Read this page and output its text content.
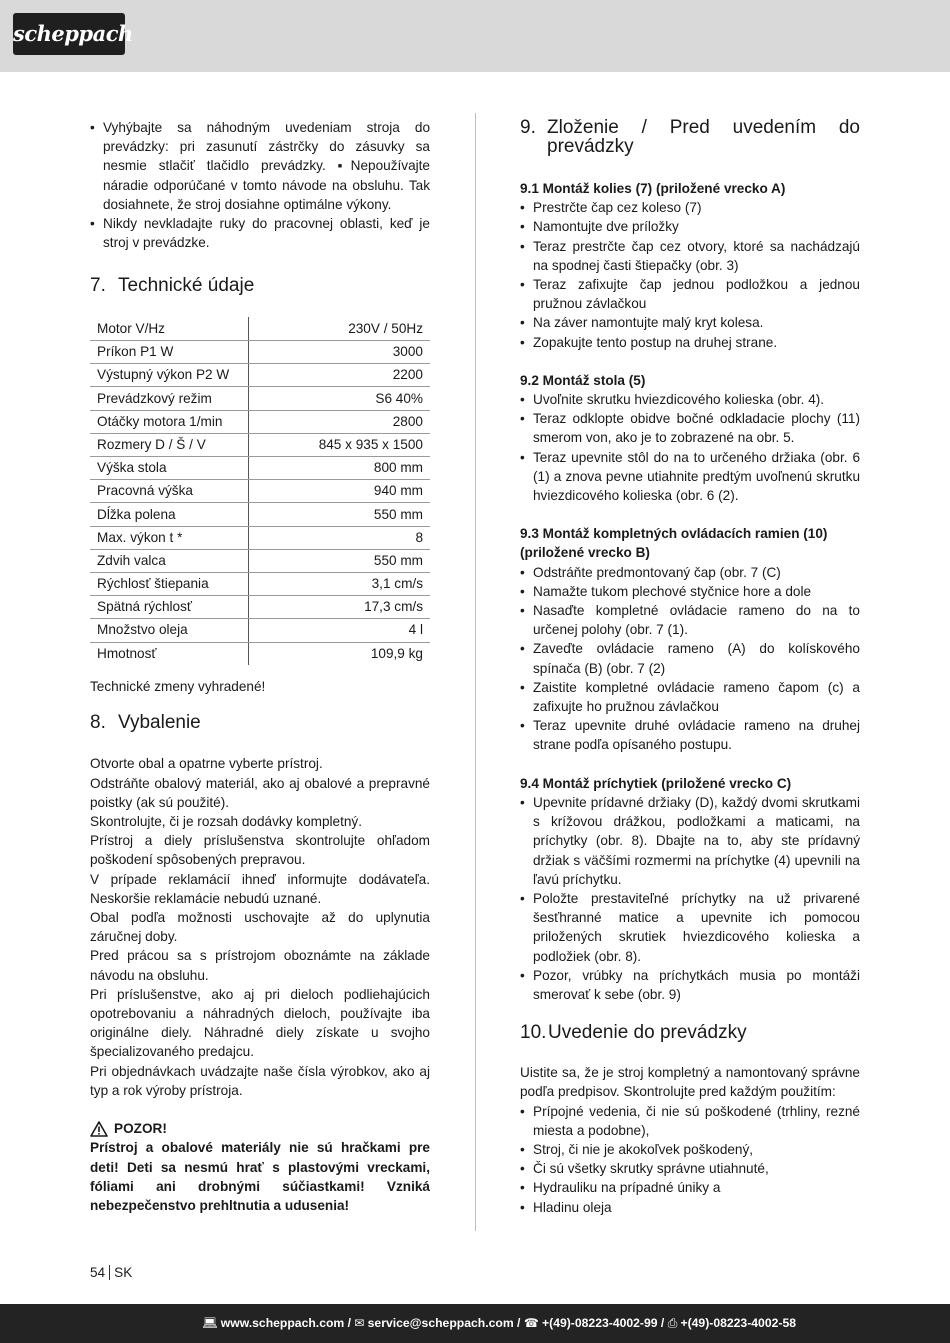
scheppach
• Vyhýbajte sa náhodným uvedeniam stroja do prevádzky: pri zasunutí zástrčky do zásuvky sa nesmie stlačiť tlačidlo prevádzky. ▪Nepoužívajte náradie odporúčané v tomto návode na obsluhu. Tak dosiahnete, že stroj dosiahne optimálne výkony.
• Nikdy nevkladajte ruky do pracovnej oblasti, keď je stroj v prevádzke.
7. Technické údaje
Motor V/Hz	230V / 50Hz
Príkon P1 W	3000
Výstupný výkon P2 W	2200
Prevádzkový režim	S6 40%
Otáčky motora 1/min	2800
Rozmery D / Š / V	845 x 935 x 1500
Výška stola	800 mm
Pracovná výška	940 mm
Dĺžka polena	550 mm
Max. výkon t *	8
Zdvih valca	550 mm
Rýchlosť štiepania	3,1 cm/s
Spätná rýchlosť	17,3 cm/s
Množstvo oleja	4 l
Hmotnosť	109,9 kg
Technické zmeny vyhradené!
8. Vybalenie

Otvorte obal a opatrne vyberte prístroj.

Odstráňte obalový materiál, ako aj obalové a prepravné poistky (ak sú použité).

Skontrolujte, či je rozsah dodávky kompletný.

Prístroj a diely príslušenstva skontrolujte ohľadom poškodení spôsobených prepravou.

V prípade reklamácií ihneď informujte dodávateľa. Neskoršie reklamácie nebudú uznané.

Obal podľa možnosti uschovajte až do uplynutia záručnej doby.

Pred prácou sa s prístrojom oboznámte na základe návodu na obsluhu.

Pri príslušenstve, ako aj pri dieloch podliehajúcich opotrebovaniu a náhradných dieloch, používajte iba originálne diely. Náhradné diely získate u svojho špecializovaného predajcu.

Pri objednávkach uvádzajte naše čísla výrobkov, ako aj typ a rok výroby prístroja.

POZOR!

Prístroj a obalové materiály nie sú hračkami pre deti! Deti sa nesmú hrať s plastovými vreckami, fóliami ani drobnými súčiastkami! Vzniká nebezpečenstvo prehltnutia a udusenia!

9. Zloženie / Pred uvedením do prevádzky
9.1 Montáž kolies (7) (priložené vrecko A)
• Prestrčte čap cez koleso (7)
• Namontujte dve príložky
• Teraz prestrčte čap cez otvory, ktoré sa nachádzajú na spodnej časti štiepačky (obr. 3)
• Teraz zafixujte čap jednou podložkou a jednou pružnou závlačkou
• Na záver namontujte malý kryt kolesa.
• Zopakujte tento postup na druhej strane.
9.2 Montáž stola (5)
• Uvoľnite skrutku hviezdicového kolieska (obr. 4).
• Teraz odklopte obidve bočné odkladacie plochy (11) smerom von, ako je to zobrazené na obr. 5.
• Teraz upevnite stôl do na to určeného držiaka (obr. 6 (1) a znova pevne utiahnite predtým uvoľnenú skrutku hviezdicového kolieska (obr. 6 (2).
9.3 Montáž kompletných ovládacích ramien (10) (priložené vrecko B)
• Odstráňte predmontovaný čap (obr. 7 (C)
• Namažte tukom plechové styčnice hore a dole
• Nasaďte kompletné ovládacie rameno do na to určenej polohy (obr. 7 (1).
• Zaveďte ovládacie rameno (A) do kolískového spínača (B) (obr. 7 (2)
• Zaistite kompletné ovládacie rameno čapom (c) a zafixujte ho pružnou závlačkou
• Teraz upevnite druhé ovládacie rameno na druhej strane podľa opísaného postupu.
9.4 Montáž príchytiek (priložené vrecko C)
• Upevnite prídavné držiaky (D), každý dvomi skrutkami s krížovou drážkou, podložkami a maticami, na príchytky (obr. 8). Dbajte na to, aby ste prídavný držiak s väčšími rozmermi na príchytke (4) upevnili na ľavú príchytku.
• Položte prestaviteľné príchytky na už privarené šesťhranné matice a upevnite ich pomocou priložených skrutiek hviezdicového kolieska a podložiek (obr. 8).
• Pozor, vrúbky na príchytkách musia po montáži smerovať k sebe (obr. 9)
10. Uvedenie do prevádzky

Uistite sa, že je stroj kompletný a namontovaný správne podľa predpisov. Skontrolujte pred každým použitím:

• Prípojné vedenia, či nie sú poškodené (trhliny, rezné miesta a podobne),
• Stroj, či nie je akokoľvek poškodený,
• Či sú všetky skrutky správne utiahnuté,
• Hydrauliku na prípadné úniky a
• Hladinu oleja
54 SK
💻︎ www.scheppach.com / ✉︎ service@scheppach.com / ☎︎ +(49)-08223-4002-99 / ⎙ +(49)-08223-4002-58
